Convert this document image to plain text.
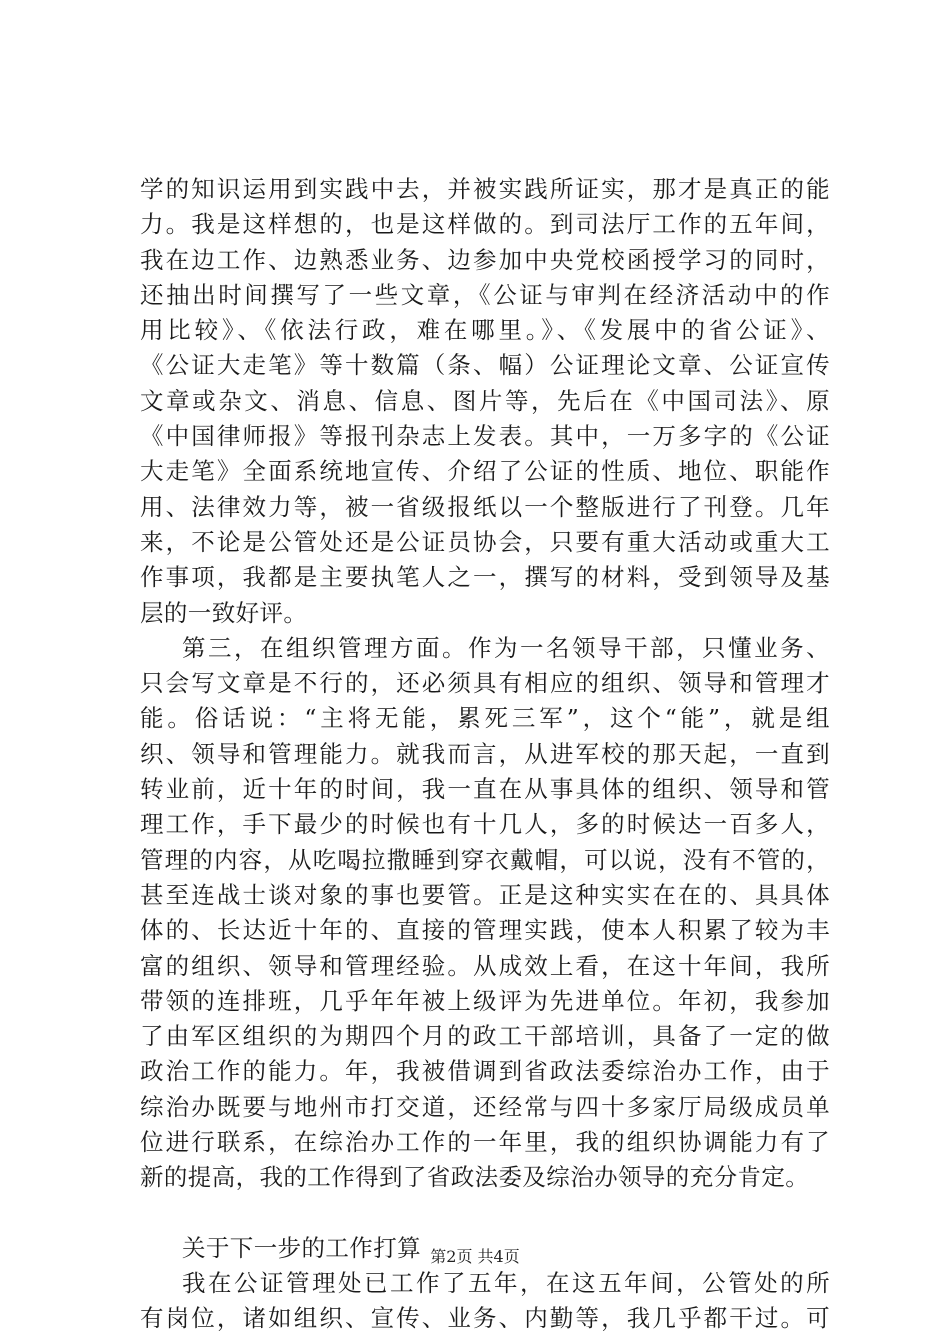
学的知识运用到实践中去，并被实践所证实，那才是真正的能
力。我是这样想的，也是这样做的。到司法厅工作的五年间，
我在边工作、边熟悉业务、边参加中央党校函授学习的同时，
还抽出时间撰写了一些文章，《公证与审判在经济活动中的作
用比较》、《依法行政，难在哪里。》、《发展中的省公证》、
《公证大走笔》等十数篇（条、幅）公证理论文章、公证宣传
文章或杂文、消息、信息、图片等，先后在《中国司法》、原
《中国律师报》等报刊杂志上发表。其中，一万多字的《公证
大走笔》全面系统地宣传、介绍了公证的性质、地位、职能作
用、法律效力等，被一省级报纸以一个整版进行了刊登。几年
来，不论是公管处还是公证员协会，只要有重大活动或重大工
作事项，我都是主要执笔人之一，撰写的材料，受到领导及基
层的一致好评。
第三，在组织管理方面。作为一名领导干部，只懂业务、
只会写文章是不行的，还必须具有相应的组织、领导和管理才
能。俗话说：“主将无能，累死三军”，这个“能”，就是组
织、领导和管理能力。就我而言，从进军校的那天起，一直到
转业前，近十年的时间，我一直在从事具体的组织、领导和管
理工作，手下最少的时候也有十几人，多的时候达一百多人，
管理的内容，从吃喝拉撒睡到穿衣戴帽，可以说，没有不管的，
甚至连战士谈对象的事也要管。正是这种实实在在的、具具体
体的、长达近十年的、直接的管理实践，使本人积累了较为丰
富的组织、领导和管理经验。从成效上看，在这十年间，我所
带领的连排班，几乎年年被上级评为先进单位。年初，我参加
了由军区组织的为期四个月的政工干部培训，具备了一定的做
政治工作的能力。年，我被借调到省政法委综治办工作，由于
综治办既要与地州市打交道，还经常与四十多家厅局级成员单
位进行联系，在综治办工作的一年里，我的组织协调能力有了
新的提高，我的工作得到了省政法委及综治办领导的充分肯定。
关于下一步的工作打算
我在公证管理处已工作了五年，在这五年间，公管处的所
有岗位，诸如组织、宣传、业务、内勤等，我几乎都干过。可
第2页 共4页
